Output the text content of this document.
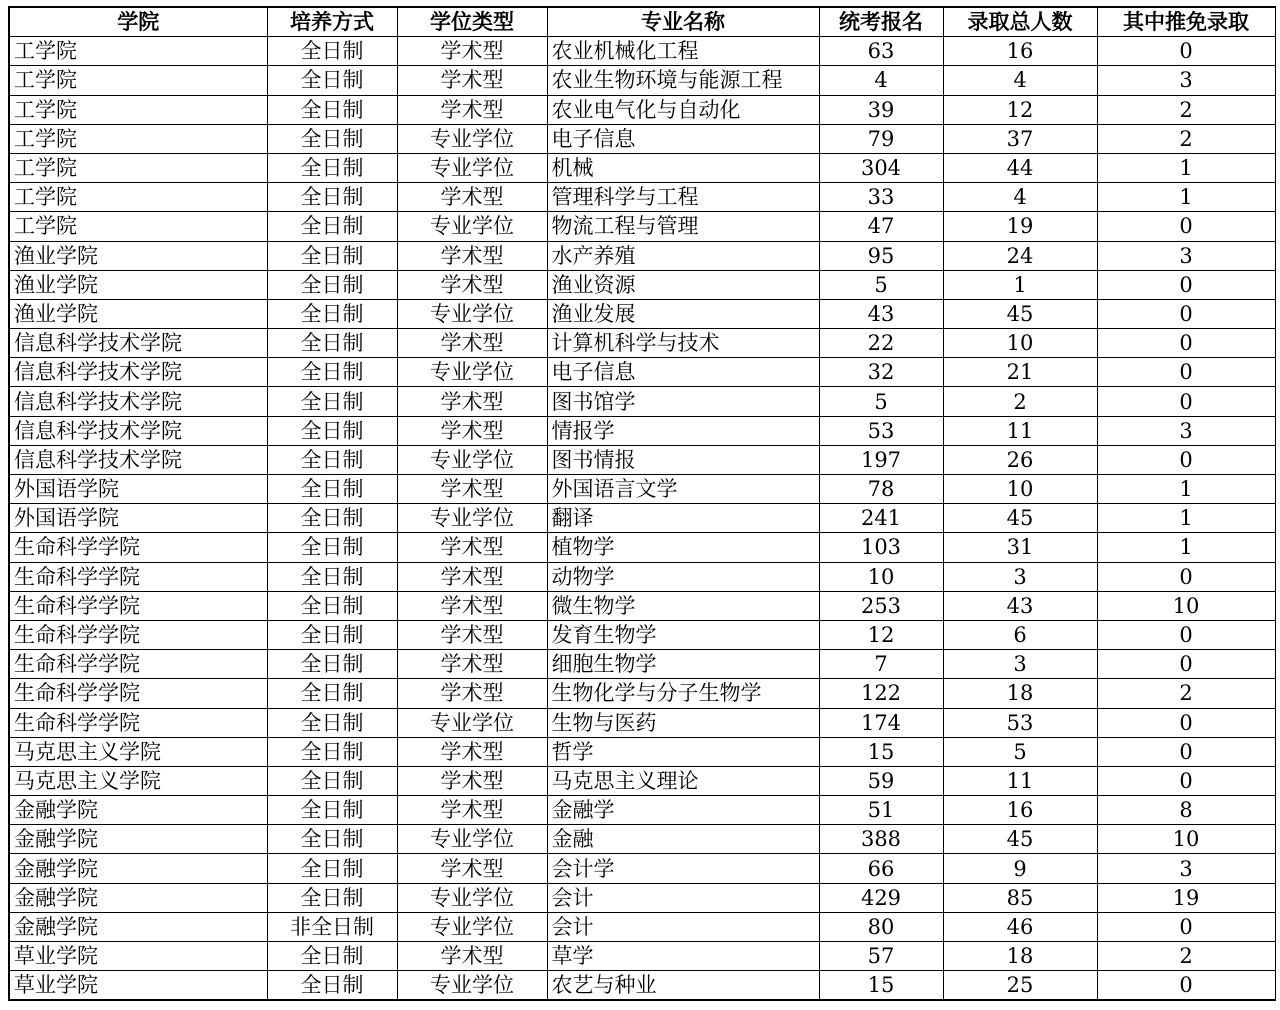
学院	培养方式	学位类型	专业名称	统考报名	录取总人数	其中推免录取
工学院	全日制	学术型	农业机械化工程	63	16	0
工学院	全日制	学术型	农业生物环境与能源工程	4	4	3
工学院	全日制	学术型	农业电气化与自动化	39	12	2
工学院	全日制	专业学位	电子信息	79	37	2
工学院	全日制	专业学位	机械	304	44	1
工学院	全日制	学术型	管理科学与工程	33	4	1
工学院	全日制	专业学位	物流工程与管理	47	19	0
渔业学院	全日制	学术型	水产养殖	95	24	3
渔业学院	全日制	学术型	渔业资源	5	1	0
渔业学院	全日制	专业学位	渔业发展	43	45	0
信息科学技术学院	全日制	学术型	计算机科学与技术	22	10	0
信息科学技术学院	全日制	专业学位	电子信息	32	21	0
信息科学技术学院	全日制	学术型	图书馆学	5	2	0
信息科学技术学院	全日制	学术型	情报学	53	11	3
信息科学技术学院	全日制	专业学位	图书情报	197	26	0
外国语学院	全日制	学术型	外国语言文学	78	10	1
外国语学院	全日制	专业学位	翻译	241	45	1
生命科学学院	全日制	学术型	植物学	103	31	1
生命科学学院	全日制	学术型	动物学	10	3	0
生命科学学院	全日制	学术型	微生物学	253	43	10
生命科学学院	全日制	学术型	发育生物学	12	6	0
生命科学学院	全日制	学术型	细胞生物学	7	3	0
生命科学学院	全日制	学术型	生物化学与分子生物学	122	18	2
生命科学学院	全日制	专业学位	生物与医药	174	53	0
马克思主义学院	全日制	学术型	哲学	15	5	0
马克思主义学院	全日制	学术型	马克思主义理论	59	11	0
金融学院	全日制	学术型	金融学	51	16	8
金融学院	全日制	专业学位	金融	388	45	10
金融学院	全日制	学术型	会计学	66	9	3
金融学院	全日制	专业学位	会计	429	85	19
金融学院	非全日制	专业学位	会计	80	46	0
草业学院	全日制	学术型	草学	57	18	2
草业学院	全日制	专业学位	农艺与种业	15	25	0
